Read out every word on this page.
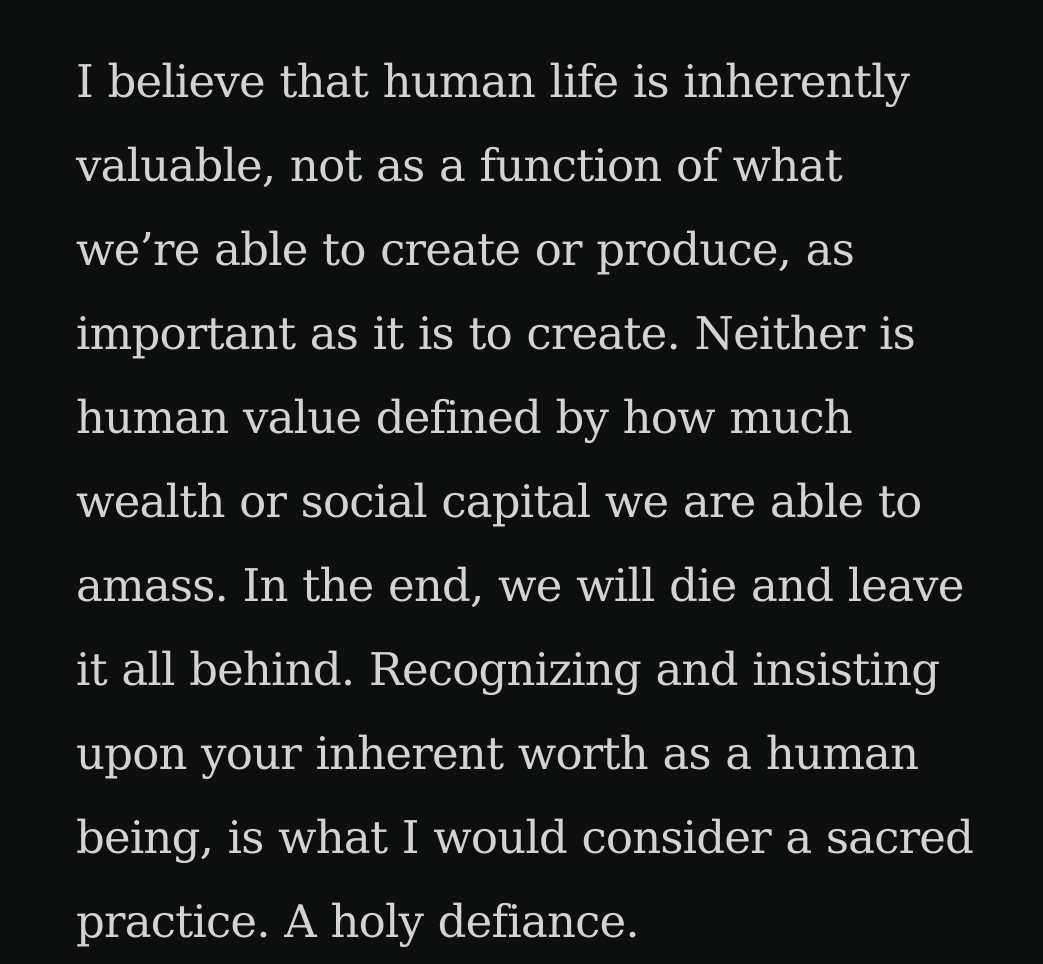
I believe that human life is inherently
valuable, not as a function of what
we’re able to create or produce, as
important as it is to create. Neither is
human value defined by how much
wealth or social capital we are able to
amass. In the end, we will die and leave
it all behind. Recognizing and insisting
upon your inherent worth as a human
being, is what I would consider a sacred
practice. A holy defiance.
